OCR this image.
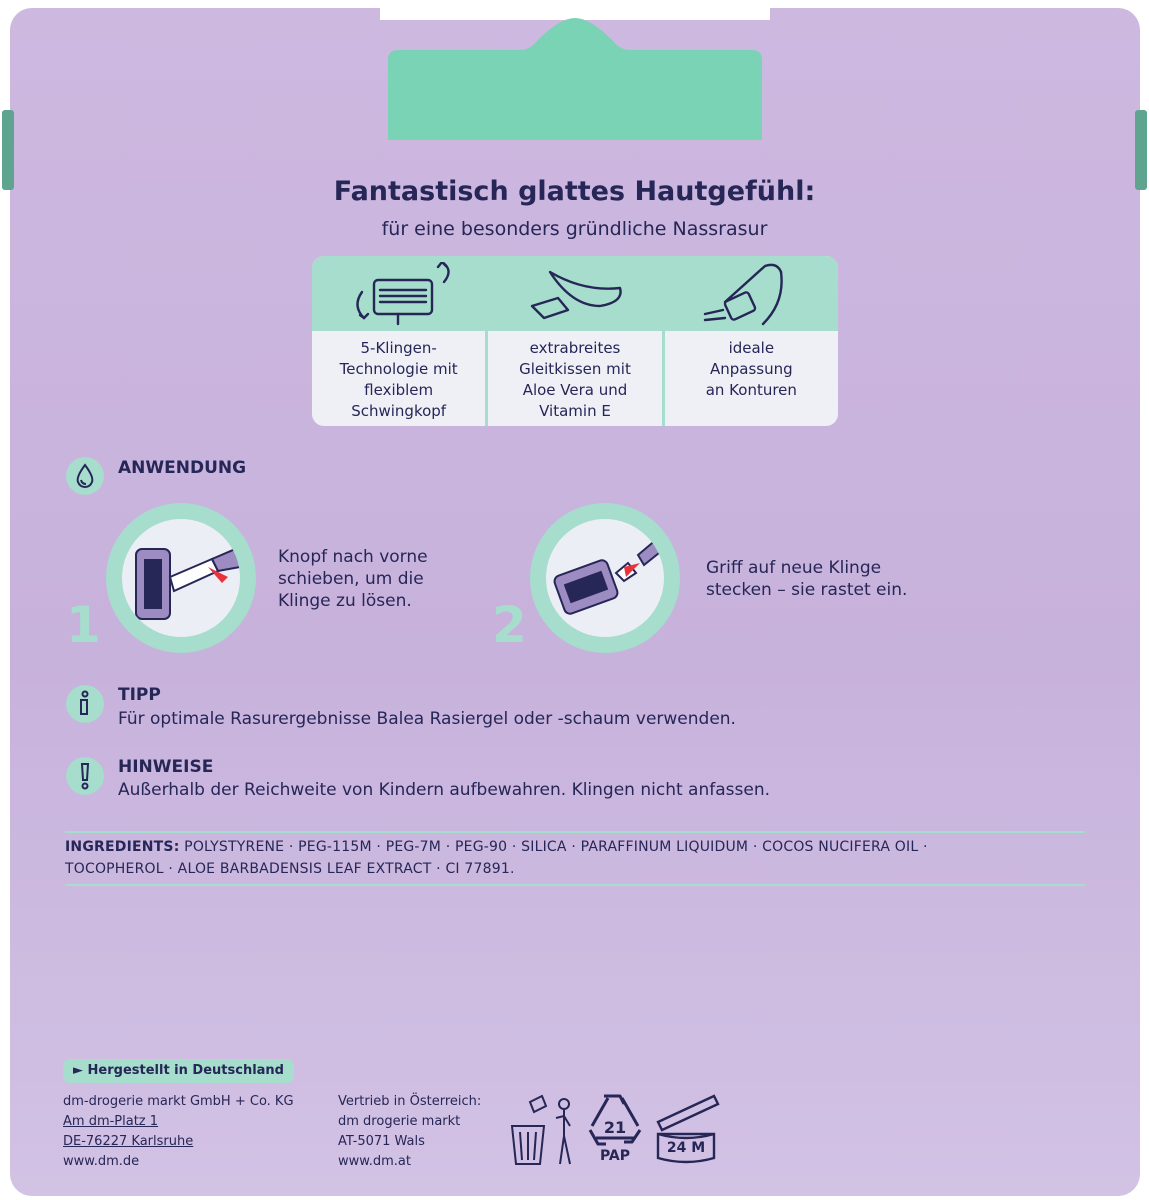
Fantastisch glattes Hautgefühl:
für eine besonders gründliche Nassrasur
5-Klingen-
Technologie mit
flexiblem
Schwingkopf
extrabreites
Gleitkissen mit
Aloe Vera und
Vitamin E
ideale
Anpassung
an Konturen
ANWENDUNG
1
Knopf nach vorne
schieben, um die
Klinge zu lösen.	2
Griff auf neue Klinge
stecken – sie rastet ein.
TIPP
Für optimale Rasurergebnisse Balea Rasiergel oder -schaum verwenden.
HINWEISE
Außerhalb der Reichweite von Kindern aufbewahren. Klingen nicht anfassen.
INGREDIENTS: POLYSTYRENE · PEG-115M · PEG-7M · PEG-90 · SILICA · PARAFFINUM LIQUIDUM · COCOS NUCIFERA OIL ·
TOCOPHEROL · ALOE BARBADENSIS LEAF EXTRACT · CI 77891.
► Hergestellt in Deutschland
dm-drogerie markt GmbH + Co. KG
Am dm-Platz 1
DE-76227 Karlsruhe
www.dm.de
Vertrieb in Österreich:
dm drogerie markt
AT-5071 Wals
www.dm.at
21
PAP	24 M
